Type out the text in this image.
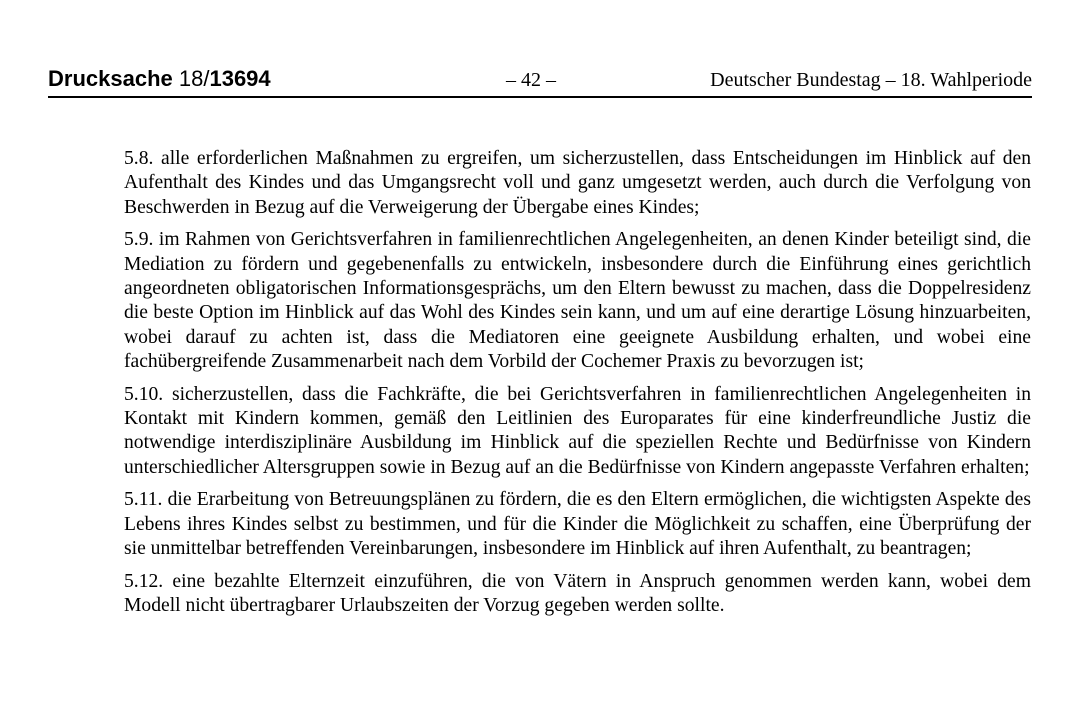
Drucksache 18/13694	– 42 –	Deutscher Bundestag – 18. Wahlperiode

5.8. alle erforderlichen Maßnahmen zu ergreifen, um sicherzustellen, dass Entscheidungen im Hinblick auf den Aufenthalt des Kindes und das Umgangsrecht voll und ganz umgesetzt werden, auch durch die Verfolgung von Beschwerden in Bezug auf die Verweigerung der Übergabe eines Kindes;

5.9. im Rahmen von Gerichtsverfahren in familienrechtlichen Angelegenheiten, an denen Kinder beteiligt sind, die Mediation zu fördern und gegebenenfalls zu entwickeln, insbesondere durch die Einführung eines gerichtlich angeordneten obligatorischen Informationsgesprächs, um den Eltern bewusst zu machen, dass die Doppelresidenz die beste Option im Hinblick auf das Wohl des Kindes sein kann, und um auf eine derartige Lösung hinzuarbeiten, wobei darauf zu achten ist, dass die Mediatoren eine geeignete Ausbildung erhalten, und wobei eine fachübergreifende Zusammenarbeit nach dem Vorbild der Cochemer Praxis zu bevorzugen ist;

5.10. sicherzustellen, dass die Fachkräfte, die bei Gerichtsverfahren in familienrechtlichen Angelegenheiten in Kontakt mit Kindern kommen, gemäß den Leitlinien des Europarates für eine kinderfreundliche Justiz die notwendige interdisziplinäre Ausbildung im Hinblick auf die speziellen Rechte und Bedürfnisse von Kindern unterschiedlicher Altersgruppen sowie in Bezug auf an die Bedürfnisse von Kindern angepasste Verfahren erhalten;

5.11. die Erarbeitung von Betreuungsplänen zu fördern, die es den Eltern ermöglichen, die wichtigsten Aspekte des Lebens ihres Kindes selbst zu bestimmen, und für die Kinder die Möglichkeit zu schaffen, eine Überprüfung der sie unmittelbar betreffenden Vereinbarungen, insbesondere im Hinblick auf ihren Aufenthalt, zu beantragen;

5.12. eine bezahlte Elternzeit einzuführen, die von Vätern in Anspruch genommen werden kann, wobei dem Modell nicht übertragbarer Urlaubszeiten der Vorzug gegeben werden sollte.
